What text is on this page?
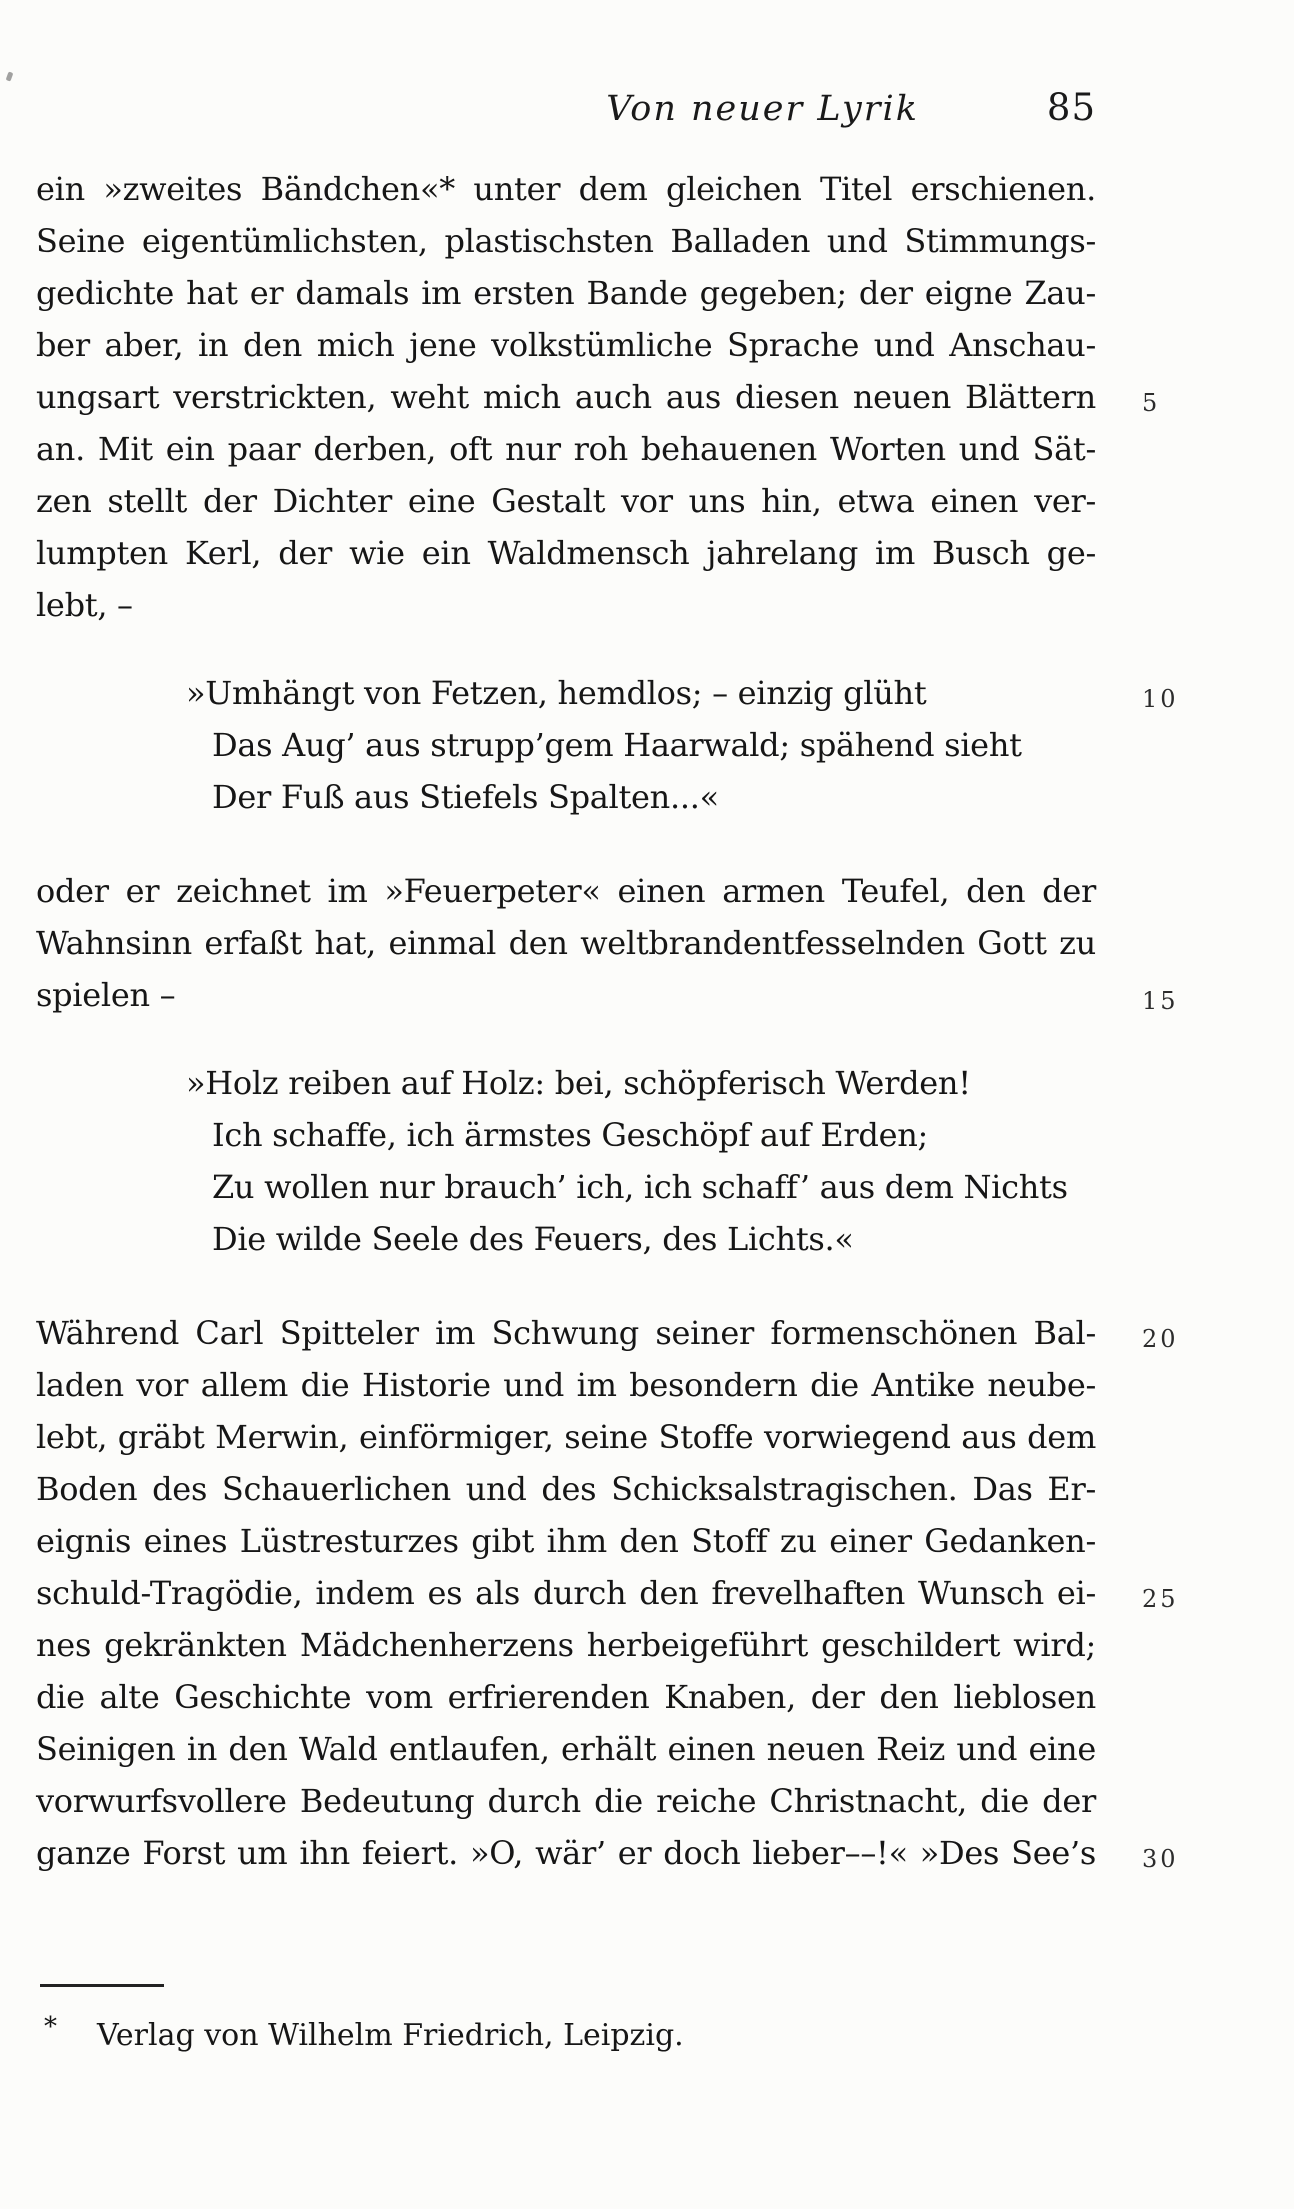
Von neuer Lyrik	85
ein »zweites Bändchen«* unter dem gleichen Titel erschienen.
Seine eigentümlichsten, plastischsten Balladen und Stimmungs-
gedichte hat er damals im ersten Bande gegeben; der eigne Zau-
ber aber, in den mich jene volkstümliche Sprache und Anschau-
ungsart verstrickten, weht mich auch aus diesen neuen Blättern	5
an. Mit ein paar derben, oft nur roh behauenen Worten und Sät-
zen stellt der Dichter eine Gestalt vor uns hin, etwa einen ver-
lumpten Kerl, der wie ein Waldmensch jahrelang im Busch ge-
lebt, –
»Umhängt von Fetzen, hemdlos; – einzig glüht	10
Das Aug’ aus strupp’gem Haarwald; spähend sieht
Der Fuß aus Stiefels Spalten...«
oder er zeichnet im »Feuerpeter« einen armen Teufel, den der
Wahnsinn erfaßt hat, einmal den weltbrandentfesselnden Gott zu
spielen –	15
»Holz reiben auf Holz: bei, schöpferisch Werden!
Ich schaffe, ich ärmstes Geschöpf auf Erden;
Zu wollen nur brauch’ ich, ich schaff’ aus dem Nichts
Die wilde Seele des Feuers, des Lichts.«
Während Carl Spitteler im Schwung seiner formenschönen Bal-	20
laden vor allem die Historie und im besondern die Antike neube-
lebt, gräbt Merwin, einförmiger, seine Stoffe vorwiegend aus dem
Boden des Schauerlichen und des Schicksalstragischen. Das Er-
eignis eines Lüstresturzes gibt ihm den Stoff zu einer Gedanken-
schuld-Tragödie, indem es als durch den frevelhaften Wunsch ei-	25
nes gekränkten Mädchenherzens herbeigeführt geschildert wird;
die alte Geschichte vom erfrierenden Knaben, der den lieblosen
Seinigen in den Wald entlaufen, erhält einen neuen Reiz und eine
vorwurfsvollere Bedeutung durch die reiche Christnacht, die der
ganze Forst um ihn feiert. »O, wär’ er doch lieber––!« »Des See’s	30
* Verlag von Wilhelm Friedrich, Leipzig.
